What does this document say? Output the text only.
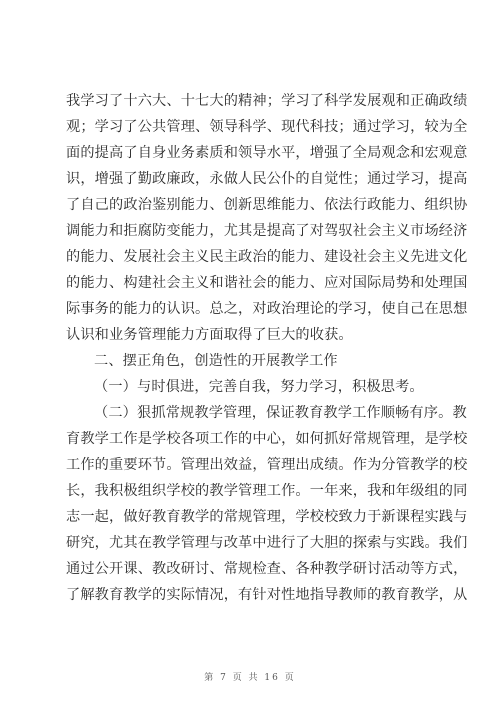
我学习了十六大、十七大的精神；学习了科学发展观和正确政绩
观；学习了公共管理、领导科学、现代科技；通过学习，较为全
面的提高了自身业务素质和领导水平，增强了全局观念和宏观意
识，增强了勤政廉政，永做人民公仆的自觉性；通过学习，提高
了自己的政治鉴别能力、创新思维能力、依法行政能力、组织协
调能力和拒腐防变能力，尤其是提高了对驾驭社会主义市场经济
的能力、发展社会主义民主政治的能力、建设社会主义先进文化
的能力、构建社会主义和谐社会的能力、应对国际局势和处理国
际事务的能力的认识。总之，对政治理论的学习，使自己在思想
认识和业务管理能力方面取得了巨大的收获。
二、摆正角色，创造性的开展教学工作
（一）与时俱进，完善自我，努力学习，积极思考。
（二）狠抓常规教学管理，保证教育教学工作顺畅有序。教
育教学工作是学校各项工作的中心，如何抓好常规管理，是学校
工作的重要环节。管理出效益，管理出成绩。作为分管教学的校
长，我积极组织学校的教学管理工作。一年来，我和年级组的同
志一起，做好教育教学的常规管理，学校校致力于新课程实践与
研究，尤其在教学管理与改革中进行了大胆的探索与实践。我们
通过公开课、教改研讨、常规检查、各种教学研讨活动等方式，
了解教育教学的实际情况，有针对性地指导教师的教育教学，从
第 7 页 共 16 页
